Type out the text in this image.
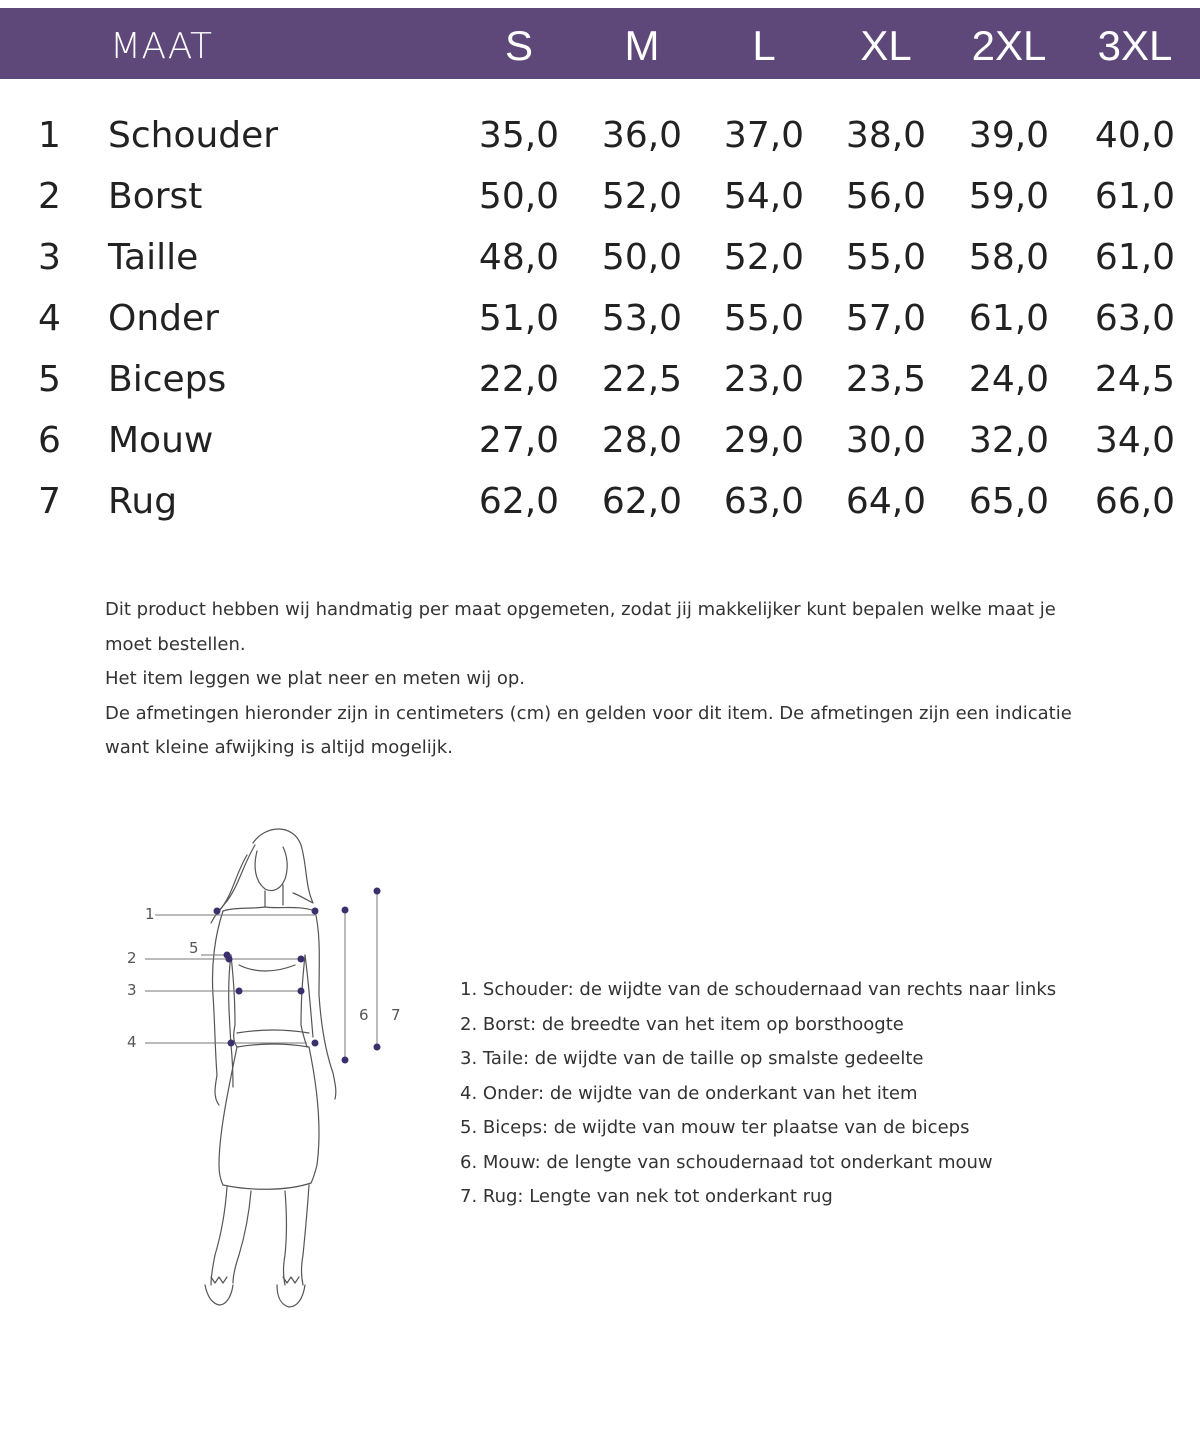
MAAT	S	M	L	XL	2XL	3XL
1 Schouder	35,0	36,0	37,0	38,0	39,0	40,0
2 Borst	50,0	52,0	54,0	56,0	59,0	61,0
3 Taille	48,0	50,0	52,0	55,0	58,0	61,0
4 Onder	51,0	53,0	55,0	57,0	61,0	63,0
5 Biceps	22,0	22,5	23,0	23,5	24,0	24,5
6 Mouw	27,0	28,0	29,0	30,0	32,0	34,0
7 Rug	62,0	62,0	63,0	64,0	65,0	66,0

Dit product hebben wij handmatig per maat opgemeten, zodat jij makkelijker kunt bepalen welke maat je moet bestellen.

Het item leggen we plat neer en meten wij op.

De afmetingen hieronder zijn in centimeters (cm) en gelden voor dit item. De afmetingen zijn een indicatie want kleine afwijking is altijd mogelijk.

1
2
3
4
5
6 7

1. Schouder: de wijdte van de schoudernaad van rechts naar links

2. Borst: de breedte van het item op borsthoogte

3. Taile: de wijdte van de taille op smalste gedeelte

4. Onder: de wijdte van de onderkant van het item

5. Biceps: de wijdte van mouw ter plaatse van de biceps

6. Mouw: de lengte van schoudernaad tot onderkant mouw

7. Rug: Lengte van nek tot onderkant rug
